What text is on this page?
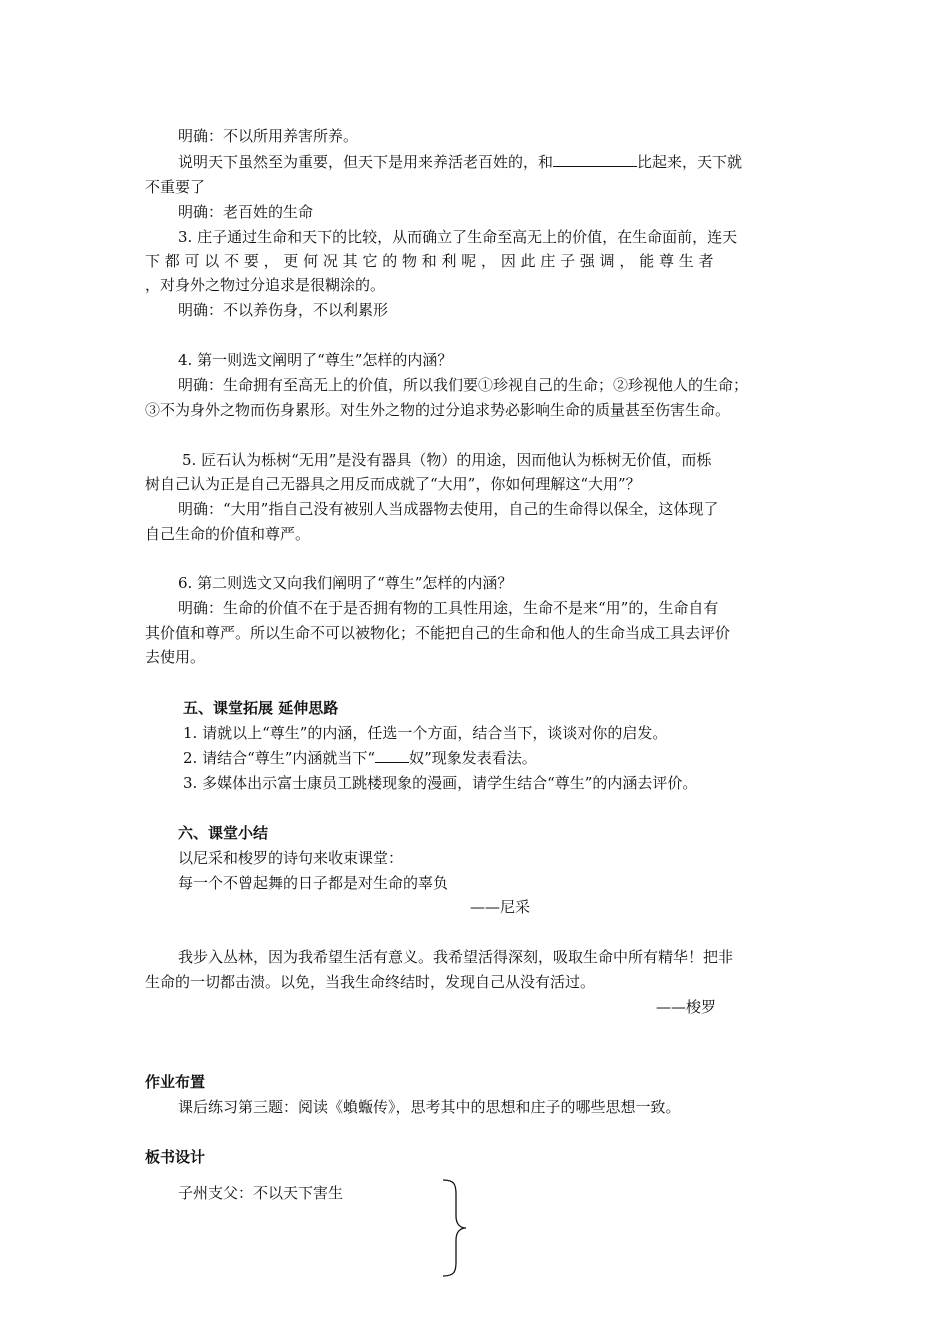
明确：不以所用养害所养。
说明天下虽然至为重要，但天下是用来养活老百姓的，和	比起来，天下就
不重要了
明确：老百姓的生命
3. 庄子通过生命和天下的比较，从而确立了生命至高无上的价值，在生命面前，连天
下 都 可 以 不 要 ， 更 何 况 其 它 的 物 和 利 呢 ， 因 此 庄 子 强 调 ， 能 尊 生 者
，对身外之物过分追求是很糊涂的。
明确：不以养伤身，不以利累形
4. 第一则选文阐明了“尊生”怎样的内涵？
明确：生命拥有至高无上的价值，所以我们要①珍视自己的生命；②珍视他人的生命；
③不为身外之物而伤身累形。对生外之物的过分追求势必影响生命的质量甚至伤害生命。
5. 匠石认为栎树“无用”是没有器具（物）的用途，因而他认为栎树无价值，而栎
树自己认为正是自己无器具之用反而成就了“大用”，你如何理解这“大用”？
明确：“大用”指自己没有被别人当成器物去使用，自己的生命得以保全，这体现了
自己生命的价值和尊严。
6. 第二则选文又向我们阐明了“尊生”怎样的内涵？
明确：生命的价值不在于是否拥有物的工具性用途，生命不是来“用”的，生命自有
其价值和尊严。所以生命不可以被物化；不能把自己的生命和他人的生命当成工具去评价
去使用。
五、课堂拓展 延伸思路
1. 请就以上“尊生”的内涵，任选一个方面，结合当下，谈谈对你的启发。
2. 请结合“尊生”内涵就当下“ 奴”现象发表看法。
3. 多媒体出示富士康员工跳楼现象的漫画，请学生结合“尊生”的内涵去评价。
六、课堂小结
以尼采和梭罗的诗句来收束课堂：
每一个不曾起舞的日子都是对生命的辜负
——尼采
我步入丛林，因为我希望生活有意义。我希望活得深刻，吸取生命中所有精华！把非
生命的一切都击溃。以免，当我生命终结时，发现自己从没有活过。
——梭罗
作业布置
课后练习第三题：阅读《蝜蝂传》，思考其中的思想和庄子的哪些思想一致。
板书设计
子州支父：不以天下害生
